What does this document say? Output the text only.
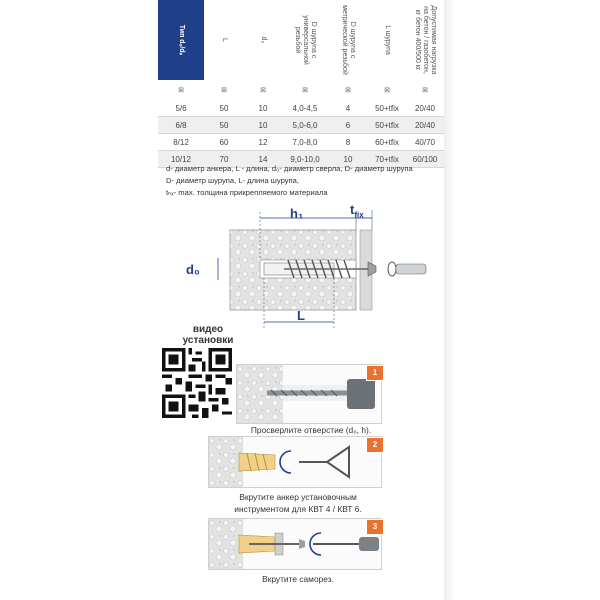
Тип dₒ/dₛ	L	d₀	D шурупа с универсальной резьбой	D шурупа с метрической резьбой	L шурупа	Допустимая нагрузка на бетон / газобетон, кг бетон 400/500 кг
⊠	⊠	⊠	⊠	⊠	⊠	⊠
5/6	50	10	4,0-4,5	4	50+tfix 20/40
6/8	50	10	5,0-6,0	6	50+tfix 20/40
8/12	60	12	7,0-8,0	8	60+tfix 40/70
10/12	70	14	9,0-10,0	10	70+tfix 60/100
d- диаметр анкера, L - длина, d₀- диаметр сверла, D- диаметр шурупа
D- диаметр шурупа, L- длина шурупа,
tₕₓ- max. толщина прикрепляемого материала
h₁	$t_{fix}$
d₀
L
видео
установки
1
Просверлите отверстие (d₀, h).
2
Вкрутите анкер установочным
инструментом для КВТ 4 / КВТ 6.
3
Вкрутите саморез.
